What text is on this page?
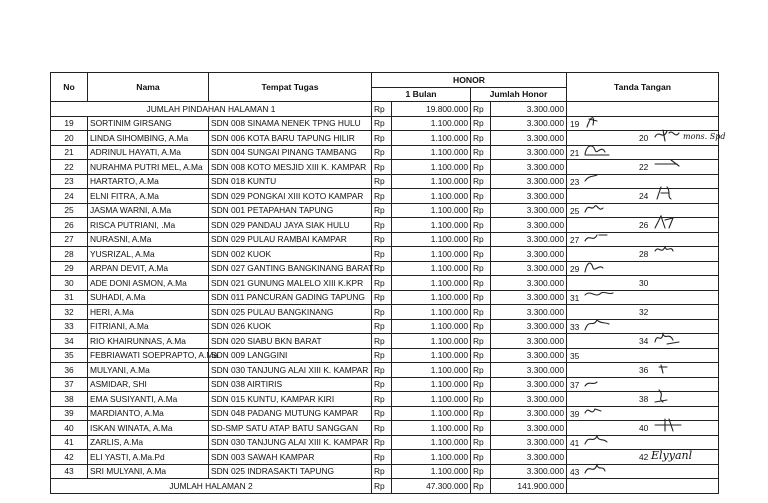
No	Nama	Tempat Tugas	HONOR				Tanda Tangan
			1 Bulan		Jumlah Honor		
JUMLAH PINDAHAN HALAMAN 1			Rp	19.800.000	Rp	3.300.000	
19	SORTINIM GIRSANG	SDN 008 SINAMA NENEK TPNG HULU	Rp	1.100.000	Rp	3.300.000	19

20	LINDA SIHOMBING, A.Ma	SDN 006 KOTA BARU TAPUNG HILIR	Rp	1.100.000	Rp	3.300.000	20 mons. Spd

21	ADRINUL HAYATI, A.Ma	SDN 004 SUNGAI PINANG TAMBANG	Rp	1.100.000	Rp	3.300.000	21

22	NURAHMA PUTRI MEL, A.Ma	SDN 008 KOTO MESJID XIII K. KAMPAR	Rp	1.100.000	Rp	3.300.000	22

23	HARTARTO, A.Ma	SDN 018 KUNTU	Rp	1.100.000	Rp	3.300.000	23

24	ELNI FITRA, A.Ma	SDN 029 PONGKAI XIII KOTO KAMPAR	Rp	1.100.000	Rp	3.300.000	24

25	JASMA WARNI, A.Ma	SDN 001 PETAPAHAN TAPUNG	Rp	1.100.000	Rp	3.300.000	25

26	RISCA PUTRIANI, .Ma	SDN 029 PANDAU JAYA SIAK HULU	Rp	1.100.000	Rp	3.300.000	26

27	NURASNI, A.Ma	SDN 029 PULAU RAMBAI KAMPAR	Rp	1.100.000	Rp	3.300.000	27

28	YUSRIZAL, A.Ma	SDN 002 KUOK	Rp	1.100.000	Rp	3.300.000	28

29	ARPAN DEVIT, A.Ma	SDN 027 GANTING BANGKINANG BARAT	Rp	1.100.000	Rp	3.300.000	29

30	ADE DONI ASMON, A.Ma	SDN 021 GUNUNG MALELO XIII K.KPR	Rp	1.100.000	Rp	3.300.000	30

31	SUHADI, A.Ma	SDN 011 PANCURAN GADING TAPUNG	Rp	1.100.000	Rp	3.300.000	31

32	HERI, A.Ma	SDN 025 PULAU BANGKINANG	Rp	1.100.000	Rp	3.300.000	32

33	FITRIANI, A.Ma	SDN 026 KUOK	Rp	1.100.000	Rp	3.300.000	33

34	RIO KHAIRUNNAS, A.Ma	SDN 020 SIABU BKN BARAT	Rp	1.100.000	Rp	3.300.000	34

35	FEBRIAWATI SOEPRAPTO, A.Ma	SDN 009 LANGGINI	Rp	1.100.000	Rp	3.300.000	35

36	MULYANI, A.Ma	SDN 030 TANJUNG ALAI XIII K. KAMPAR	Rp	1.100.000	Rp	3.300.000	36

37	ASMIDAR, SHI	SDN 038 AIRTIRIS	Rp	1.100.000	Rp	3.300.000	37

38	EMA SUSIYANTI, A.Ma	SDN 015 KUNTU, KAMPAR KIRI	Rp	1.100.000	Rp	3.300.000	38

39	MARDIANTO, A.Ma	SDN 048 PADANG MUTUNG KAMPAR	Rp	1.100.000	Rp	3.300.000	39

40	ISKAN WINATA, A.Ma	SD-SMP SATU ATAP BATU SANGGAN	Rp	1.100.000	Rp	3.300.000	40

41	ZARLIS, A.Ma	SDN 030 TANJUNG ALAI XIII K. KAMPAR	Rp	1.100.000	Rp	3.300.000	41

42	ELI YASTI, A.Ma.Pd	SDN 003 SAWAH KAMPAR	Rp	1.100.000	Rp	3.300.000	42 Elyyanl

43	SRI MULYANI, A.Ma	SDN 025 INDRASAKTI TAPUNG	Rp	1.100.000	Rp	3.300.000	43

JUMLAH HALAMAN 2			Rp	47.300.000	Rp	141.900.000	
